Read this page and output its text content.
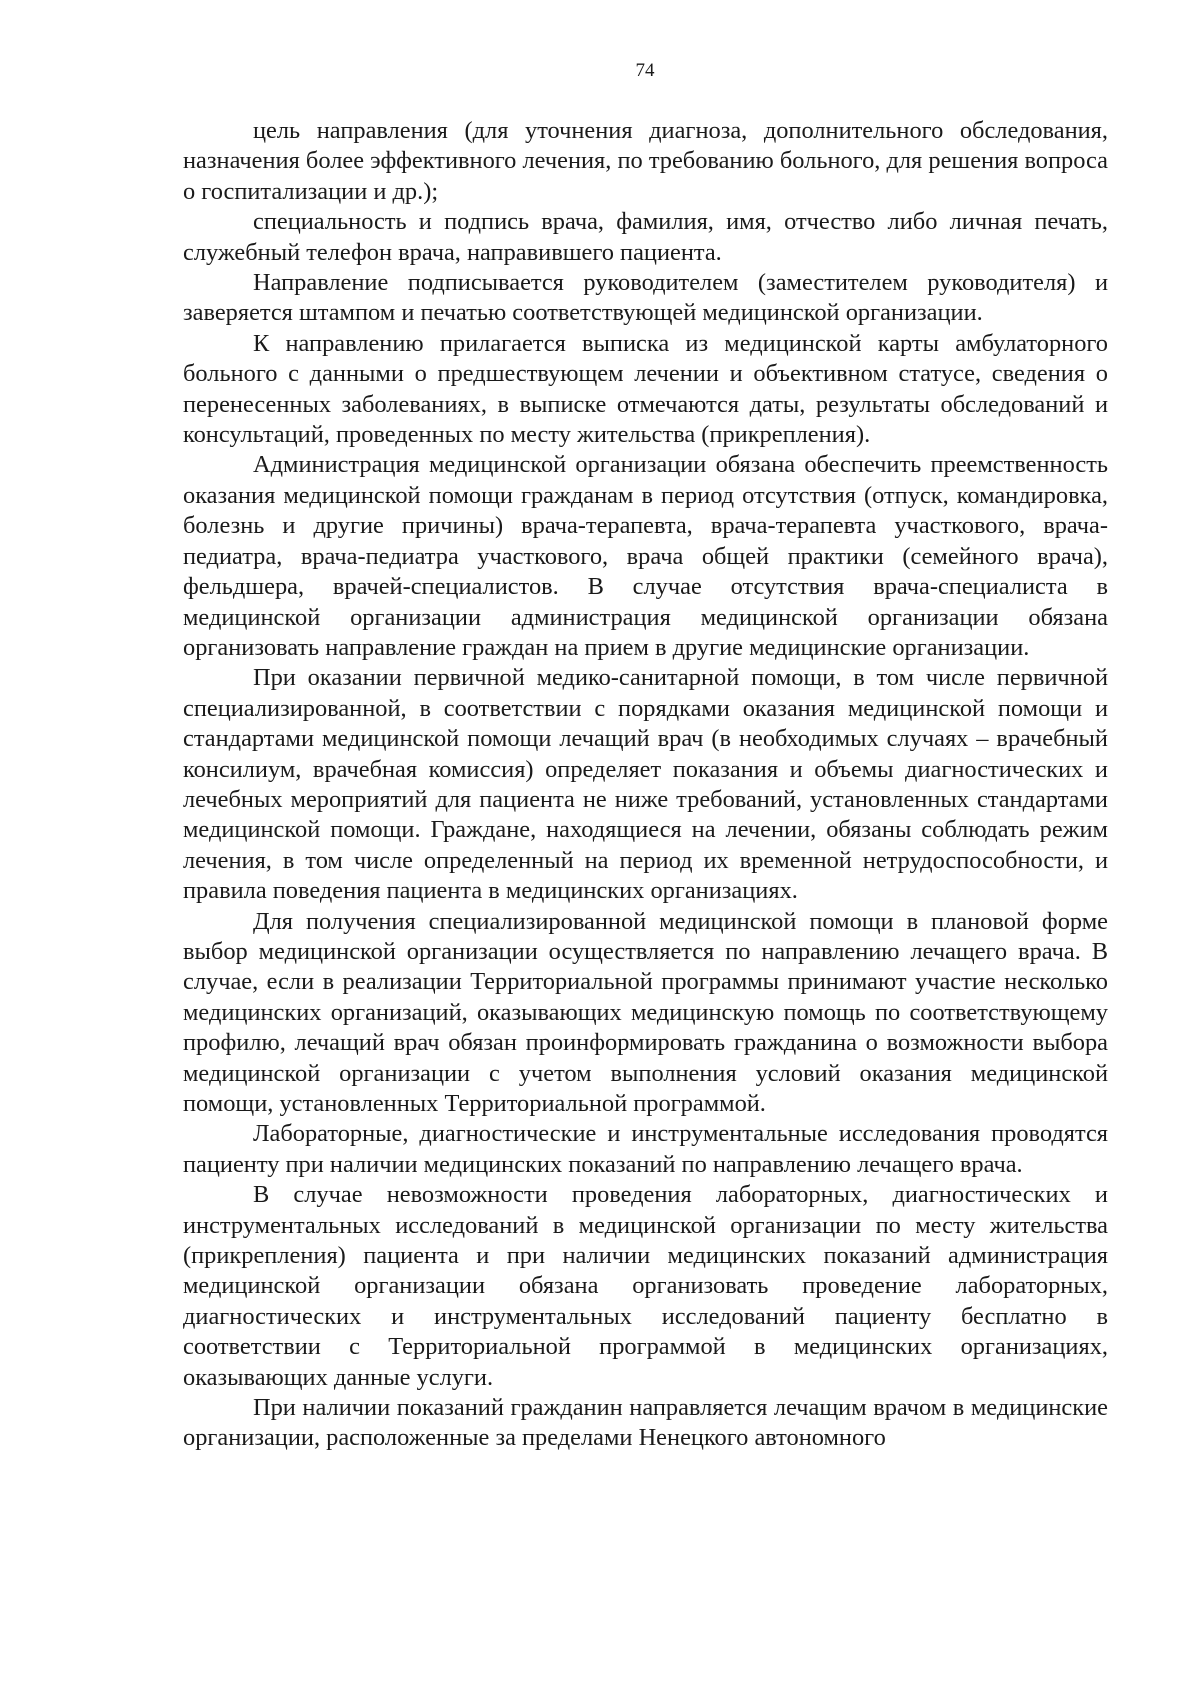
74

цель направления (для уточнения диагноза, дополнительного обследования, назначения более эффективного лечения, по требованию больного, для решения вопроса о госпитализации и др.);

специальность и подпись врача, фамилия, имя, отчество либо личная печать, служебный телефон врача, направившего пациента.

Направление подписывается руководителем (заместителем руководителя) и заверяется штампом и печатью соответствующей медицинской организации.

К направлению прилагается выписка из медицинской карты амбулаторного больного с данными о предшествующем лечении и объективном статусе, сведения о перенесенных заболеваниях, в выписке отмечаются даты, результаты обследований и консультаций, проведенных по месту жительства (прикрепления).

Администрация медицинской организации обязана обеспечить преемственность оказания медицинской помощи гражданам в период отсутствия (отпуск, командировка, болезнь и другие причины) врача-терапевта, врача-терапевта участкового, врача-педиатра, врача-педиатра участкового, врача общей практики (семейного врача), фельдшера, врачей-специалистов. В случае отсутствия врача-специалиста в медицинской организации администрация медицинской организации обязана организовать направление граждан на прием в другие медицинские организации.

При оказании первичной медико-санитарной помощи, в том числе первичной специализированной, в соответствии с порядками оказания медицинской помощи и стандартами медицинской помощи лечащий врач (в необходимых случаях – врачебный консилиум, врачебная комиссия) определяет показания и объемы диагностических и лечебных мероприятий для пациента не ниже требований, установленных стандартами медицинской помощи. Граждане, находящиеся на лечении, обязаны соблюдать режим лечения, в том числе определенный на период их временной нетрудоспособности, и правила поведения пациента в медицинских организациях.

Для получения специализированной медицинской помощи в плановой форме выбор медицинской организации осуществляется по направлению лечащего врача. В случае, если в реализации Территориальной программы принимают участие несколько медицинских организаций, оказывающих медицинскую помощь по соответствующему профилю, лечащий врач обязан проинформировать гражданина о возможности выбора медицинской организации с учетом выполнения условий оказания медицинской помощи, установленных Территориальной программой.

Лабораторные, диагностические и инструментальные исследования проводятся пациенту при наличии медицинских показаний по направлению лечащего врача.

В случае невозможности проведения лабораторных, диагностических и инструментальных исследований в медицинской организации по месту жительства (прикрепления) пациента и при наличии медицинских показаний администрация медицинской организации обязана организовать проведение лабораторных, диагностических и инструментальных исследований пациенту бесплатно в соответствии с Территориальной программой в медицинских организациях, оказывающих данные услуги.

При наличии показаний гражданин направляется лечащим врачом в медицинские организации, расположенные за пределами Ненецкого автономного
